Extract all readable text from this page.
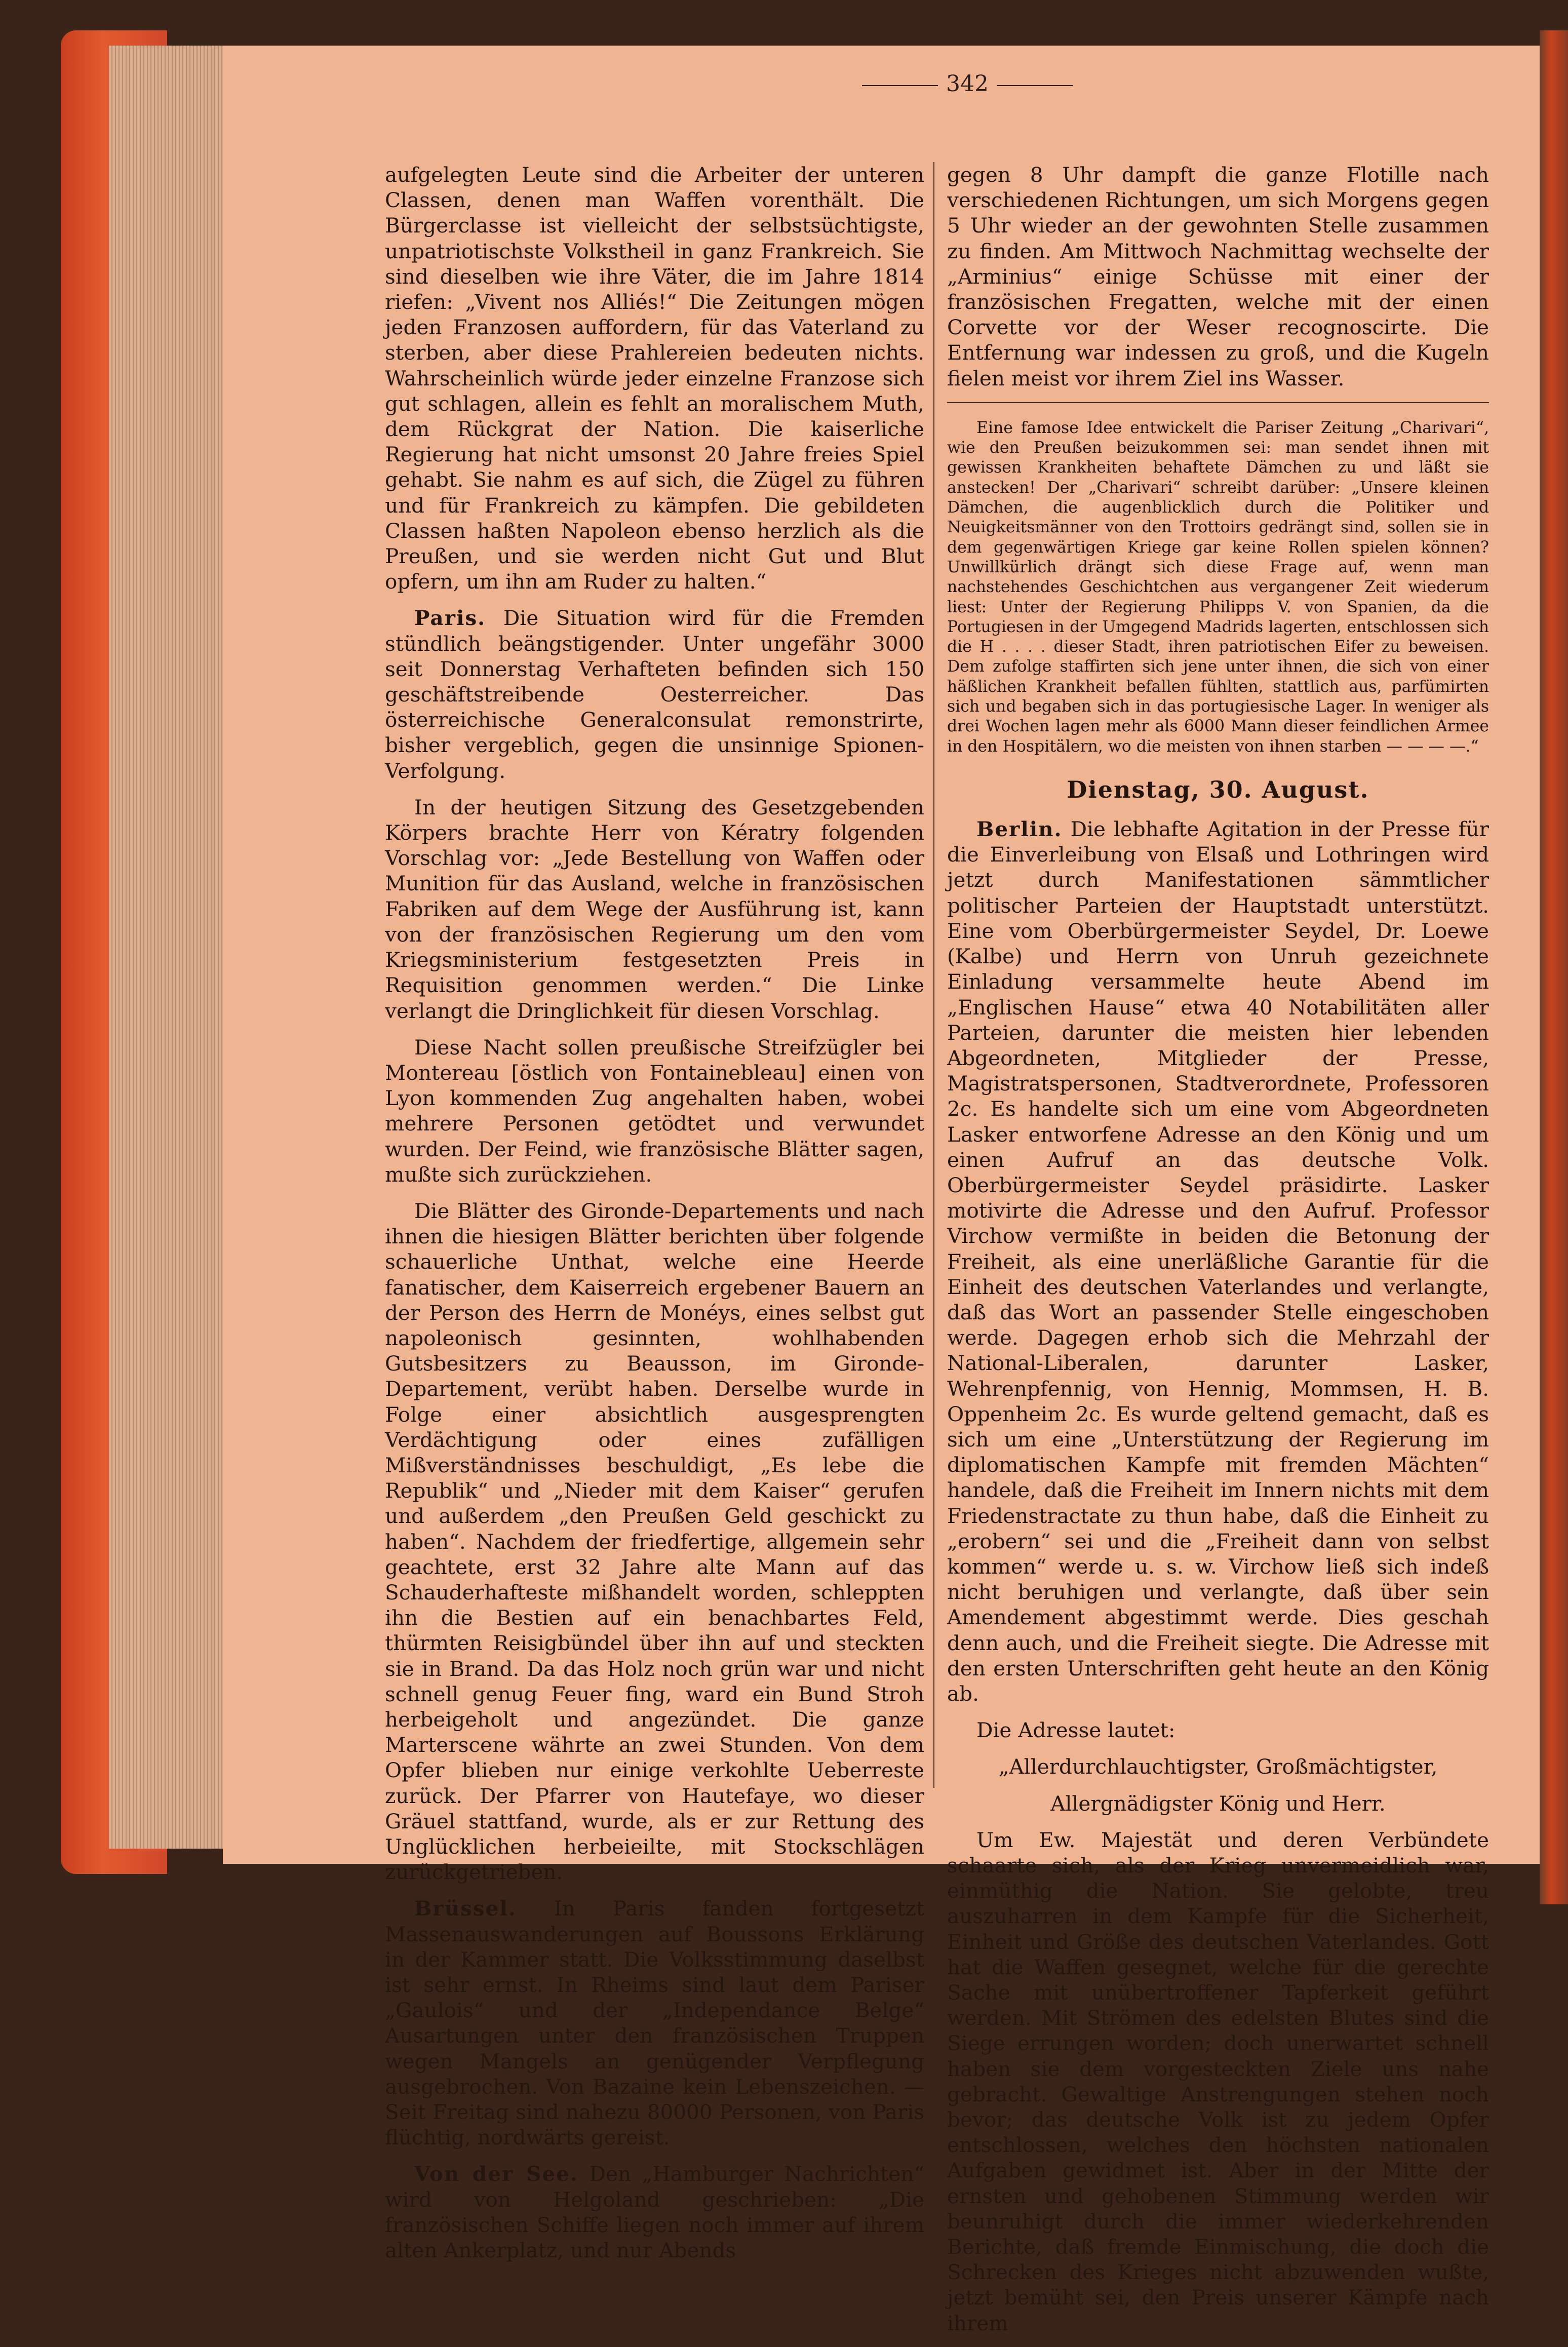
342

aufgelegten Leute sind die Arbeiter der unteren Classen, denen man Waffen vorenthält. Die Bürgerclasse ist vielleicht der selbstsüchtigste, unpatriotischste Volkstheil in ganz Frankreich. Sie sind dieselben wie ihre Väter, die im Jahre 1814 riefen: „Vivent nos Alliés!“ Die Zeitungen mögen jeden Franzosen auffordern, für das Vaterland zu sterben, aber diese Prahlereien bedeuten nichts. Wahrscheinlich würde jeder einzelne Franzose sich gut schlagen, allein es fehlt an moralischem Muth, dem Rückgrat der Nation. Die kaiserliche Regierung hat nicht umsonst 20 Jahre freies Spiel gehabt. Sie nahm es auf sich, die Zügel zu führen und für Frankreich zu kämpfen. Die gebildeten Classen haßten Napoleon ebenso herzlich als die Preußen, und sie werden nicht Gut und Blut opfern, um ihn am Ruder zu halten.“

Paris. Die Situation wird für die Fremden stündlich beängstigender. Unter ungefähr 3000 seit Donnerstag Verhafteten befinden sich 150 geschäftstreibende Oesterreicher. Das österreichische Generalconsulat remonstrirte, bisher vergeblich, gegen die unsinnige Spionen-Verfolgung.

In der heutigen Sitzung des Gesetzgebenden Körpers brachte Herr von Kératry folgenden Vorschlag vor: „Jede Bestellung von Waffen oder Munition für das Ausland, welche in französischen Fabriken auf dem Wege der Ausführung ist, kann von der französischen Regierung um den vom Kriegsministerium festgesetzten Preis in Requisition genommen werden.“ Die Linke verlangt die Dringlichkeit für diesen Vorschlag.

Diese Nacht sollen preußische Streifzügler bei Montereau [östlich von Fontainebleau] einen von Lyon kommenden Zug angehalten haben, wobei mehrere Personen getödtet und verwundet wurden. Der Feind, wie französische Blätter sagen, mußte sich zurückziehen.

Die Blätter des Gironde-Departements und nach ihnen die hiesigen Blätter berichten über folgende schauerliche Unthat, welche eine Heerde fanatischer, dem Kaiserreich ergebener Bauern an der Person des Herrn de Monéys, eines selbst gut napoleonisch gesinnten, wohlhabenden Gutsbesitzers zu Beausson, im Gironde-Departement, verübt haben. Derselbe wurde in Folge einer absichtlich ausgesprengten Verdächtigung oder eines zufälligen Mißverständnisses beschuldigt, „Es lebe die Republik“ und „Nieder mit dem Kaiser“ gerufen und außerdem „den Preußen Geld geschickt zu haben“. Nachdem der friedfertige, allgemein sehr geachtete, erst 32 Jahre alte Mann auf das Schauderhafteste mißhandelt worden, schleppten ihn die Bestien auf ein benachbartes Feld, thürmten Reisigbündel über ihn auf und steckten sie in Brand. Da das Holz noch grün war und nicht schnell genug Feuer fing, ward ein Bund Stroh herbeigeholt und angezündet. Die ganze Marterscene währte an zwei Stunden. Von dem Opfer blieben nur einige verkohlte Ueberreste zurück. Der Pfarrer von Hautefaye, wo dieser Gräuel stattfand, wurde, als er zur Rettung des Unglücklichen herbeieilte, mit Stockschlägen zurückgetrieben.

Brüssel. In Paris fanden fortgesetzt Massenauswanderungen auf Boussons Erklärung in der Kammer statt. Die Volksstimmung daselbst ist sehr ernst. In Rheims sind laut dem Pariser „Gaulois“ und der „Independance Belge“ Ausartungen unter den französischen Truppen wegen Mangels an genügender Verpflegung ausgebrochen. Von Bazaine kein Lebenszeichen. — Seit Freitag sind nahezu 80000 Personen, von Paris flüchtig, nordwärts gereist.

Von der See. Den „Hamburger Nachrichten“ wird von Helgoland geschrieben: „Die französischen Schiffe liegen noch immer auf ihrem alten Ankerplatz, und nur Abends

gegen 8 Uhr dampft die ganze Flotille nach verschiedenen Richtungen, um sich Morgens gegen 5 Uhr wieder an der gewohnten Stelle zusammen zu finden. Am Mittwoch Nachmittag wechselte der „Arminius“ einige Schüsse mit einer der französischen Fregatten, welche mit der einen Corvette vor der Weser recognoscirte. Die Entfernung war indessen zu groß, und die Kugeln fielen meist vor ihrem Ziel ins Wasser.

Eine famose Idee entwickelt die Pariser Zeitung „Charivari“, wie den Preußen beizukommen sei: man sendet ihnen mit gewissen Krankheiten behaftete Dämchen zu und läßt sie anstecken! Der „Charivari“ schreibt darüber: „Unsere kleinen Dämchen, die augenblicklich durch die Politiker und Neuigkeitsmänner von den Trottoirs gedrängt sind, sollen sie in dem gegenwärtigen Kriege gar keine Rollen spielen können? Unwillkürlich drängt sich diese Frage auf, wenn man nachstehendes Geschichtchen aus vergangener Zeit wiederum liest: Unter der Regierung Philipps V. von Spanien, da die Portugiesen in der Umgegend Madrids lagerten, entschlossen sich die H . . . . dieser Stadt, ihren patriotischen Eifer zu beweisen. Dem zufolge staffirten sich jene unter ihnen, die sich von einer häßlichen Krankheit befallen fühlten, stattlich aus, parfümirten sich und begaben sich in das portugiesische Lager. In weniger als drei Wochen lagen mehr als 6000 Mann dieser feindlichen Armee in den Hospitälern, wo die meisten von ihnen starben — — — —.“

Dienstag, 30. August.

Berlin. Die lebhafte Agitation in der Presse für die Einverleibung von Elsaß und Lothringen wird jetzt durch Manifestationen sämmtlicher politischer Parteien der Hauptstadt unterstützt. Eine vom Oberbürgermeister Seydel, Dr. Loewe (Kalbe) und Herrn von Unruh gezeichnete Einladung versammelte heute Abend im „Englischen Hause“ etwa 40 Notabilitäten aller Parteien, darunter die meisten hier lebenden Abgeordneten, Mitglieder der Presse, Magistratspersonen, Stadtverordnete, Professoren 2c. Es handelte sich um eine vom Abgeordneten Lasker entworfene Adresse an den König und um einen Aufruf an das deutsche Volk. Oberbürgermeister Seydel präsidirte. Lasker motivirte die Adresse und den Aufruf. Professor Virchow vermißte in beiden die Betonung der Freiheit, als eine unerläßliche Garantie für die Einheit des deutschen Vaterlandes und verlangte, daß das Wort an passender Stelle eingeschoben werde. Dagegen erhob sich die Mehrzahl der National-Liberalen, darunter Lasker, Wehrenpfennig, von Hennig, Mommsen, H. B. Oppenheim 2c. Es wurde geltend gemacht, daß es sich um eine „Unterstützung der Regierung im diplomatischen Kampfe mit fremden Mächten“ handele, daß die Freiheit im Innern nichts mit dem Friedenstractate zu thun habe, daß die Einheit zu „erobern“ sei und die „Freiheit dann von selbst kommen“ werde u. s. w. Virchow ließ sich indeß nicht beruhigen und verlangte, daß über sein Amendement abgestimmt werde. Dies geschah denn auch, und die Freiheit siegte. Die Adresse mit den ersten Unterschriften geht heute an den König ab.

Die Adresse lautet:

„Allerdurchlauchtigster, Großmächtigster,

Allergnädigster König und Herr.

Um Ew. Majestät und deren Verbündete schaarte sich, als der Krieg unvermeidlich war, einmüthig die Nation. Sie gelobte, treu auszuharren in dem Kampfe für die Sicherheit, Einheit und Größe des deutschen Vaterlandes. Gott hat die Waffen gesegnet, welche für die gerechte Sache mit unübertroffener Tapferkeit geführt werden. Mit Strömen des edelsten Blutes sind die Siege errungen worden; doch unerwartet schnell haben sie dem vorgesteckten Ziele uns nahe gebracht. Gewaltige Anstrengungen stehen noch bevor; das deutsche Volk ist zu jedem Opfer entschlossen, welches den höchsten nationalen Aufgaben gewidmet ist. Aber in der Mitte der ernsten und gehobenen Stimmung werden wir beunruhigt durch die immer wiederkehrenden Berichte, daß fremde Einmischung, die doch die Schrecken des Krieges nicht abzuwenden wußte, jetzt bemüht sei, den Preis unserer Kämpfe nach ihrem
